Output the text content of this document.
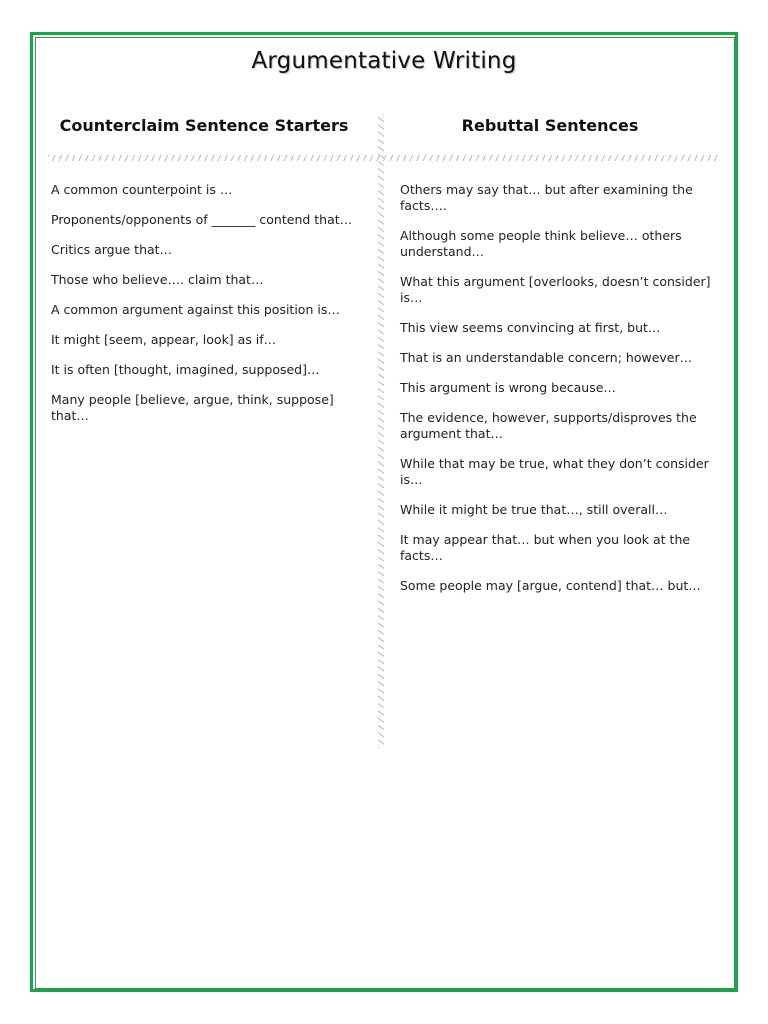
Argumentative Writing
Counterclaim Sentence Starters	Rebuttal Sentences
A common counterpoint is …
Proponents/opponents of _______ contend that…
Critics argue that…
Those who believe…. claim that…
A common argument against this position is…
It might [seem, appear, look] as if…
It is often [thought, imagined, supposed]…
Many people [believe, argue, think, suppose] that…
Others may say that… but after examining the facts….
Although some people think believe… others understand…
What this argument [overlooks, doesn’t consider] is…
This view seems convincing at first, but…
That is an understandable concern; however…
This argument is wrong because…
The evidence, however, supports/disproves the argument that…
While that may be true, what they don’t consider is…
While it might be true that…, still overall…
It may appear that… but when you look at the facts…
Some people may [argue, contend] that… but…
